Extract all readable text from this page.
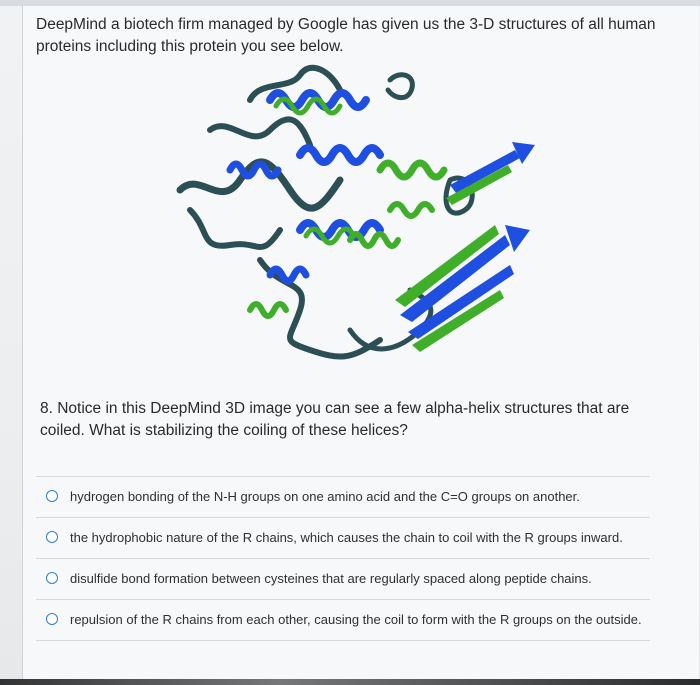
DeepMind a biotech firm managed by Google has given us the 3-D structures of all human proteins including this protein you see below.

8. Notice in this DeepMind 3D image you can see a few alpha-helix structures that are coiled. What is stabilizing the coiling of these helices?

hydrogen bonding of the N-H groups on one amino acid and the C=O groups on another.
the hydrophobic nature of the R chains, which causes the chain to coil with the R groups inward.
disulfide bond formation between cysteines that are regularly spaced along peptide chains.
repulsion of the R chains from each other, causing the coil to form with the R groups on the outside.
